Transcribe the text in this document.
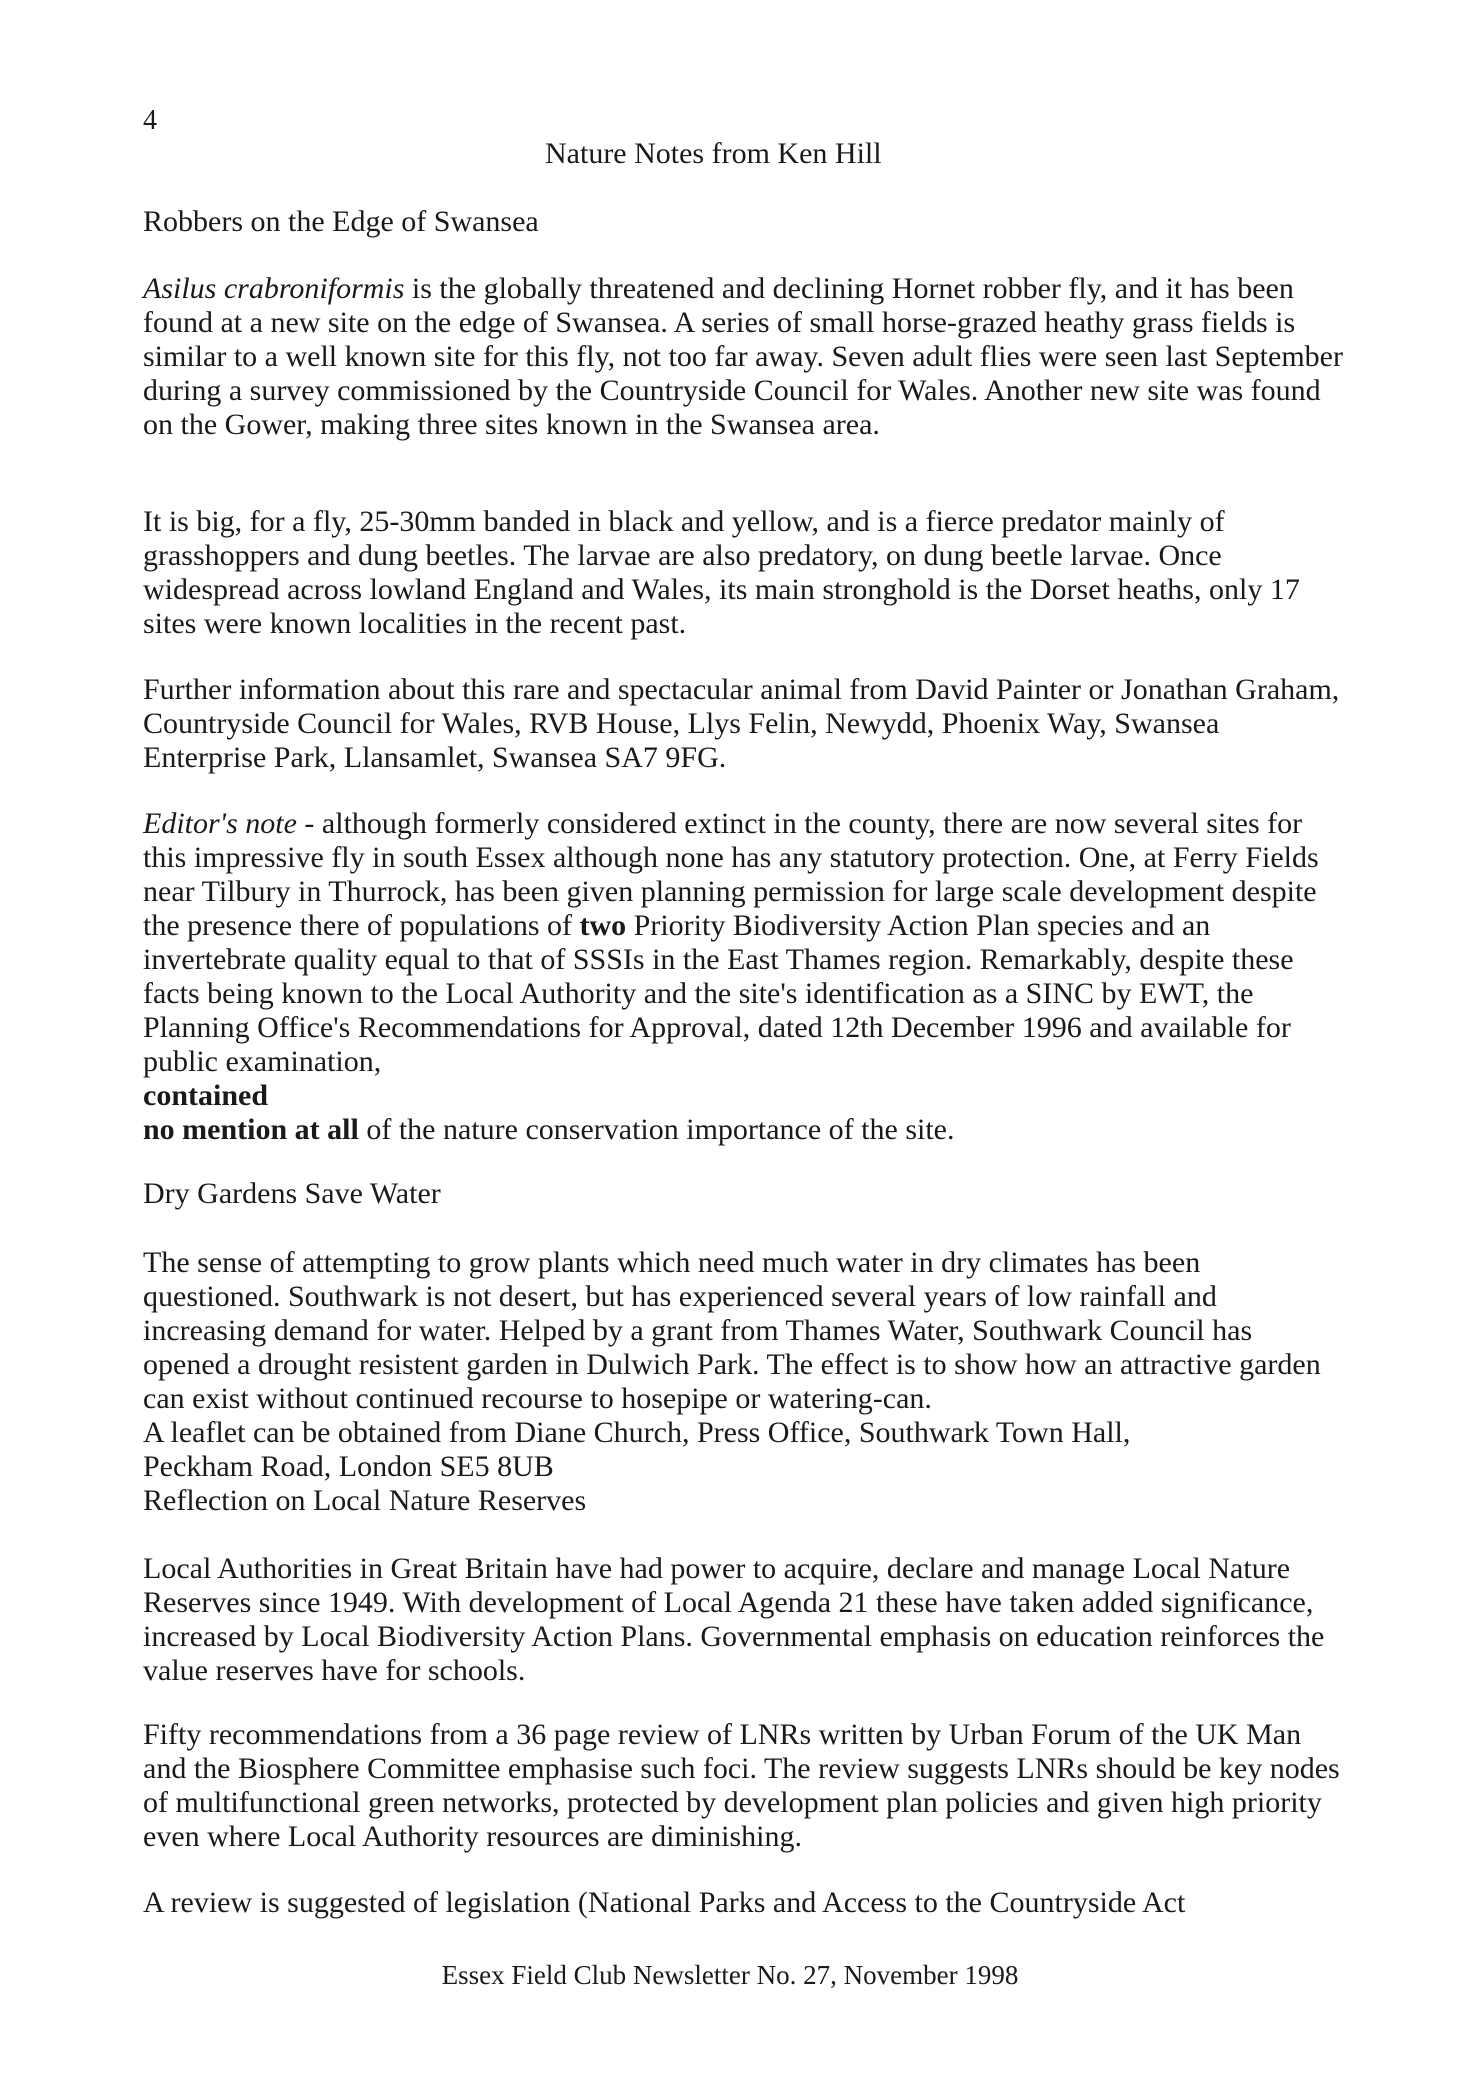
4
Nature Notes from Ken Hill
Robbers on the Edge of Swansea

Asilus crabroniformis is the globally threatened and declining Hornet robber fly, and it has been found at a new site on the edge of Swansea. A series of small horse-grazed heathy grass fields is similar to a well known site for this fly, not too far away. Seven adult flies were seen last September during a survey commissioned by the Countryside Council for Wales. Another new site was found on the Gower, making three sites known in the Swansea area.

It is big, for a fly, 25-30mm banded in black and yellow, and is a fierce predator mainly of grasshoppers and dung beetles. The larvae are also predatory, on dung beetle larvae. Once widespread across lowland England and Wales, its main stronghold is the Dorset heaths, only 17 sites were known localities in the recent past.

Further information about this rare and spectacular animal from David Painter or Jonathan Graham, Countryside Council for Wales, RVB House, Llys Felin, Newydd, Phoenix Way, Swansea Enterprise Park, Llansamlet, Swansea SA7 9FG.

Editor's note - although formerly considered extinct in the county, there are now several sites for this impressive fly in south Essex although none has any statutory protection. One, at Ferry Fields near Tilbury in Thurrock, has been given planning permission for large scale development despite the presence there of populations of two Priority Biodiversity Action Plan species and an invertebrate quality equal to that of SSSIs in the East Thames region. Remarkably, despite these facts being known to the Local Authority and the site's identification as a SINC by EWT, the Planning Office's Recommendations for Approval, dated 12th December 1996 and available for public examination,
contained
no mention at all of the nature conservation importance of the site.

Dry Gardens Save Water

The sense of attempting to grow plants which need much water in dry climates has been questioned. Southwark is not desert, but has experienced several years of low rainfall and increasing demand for water. Helped by a grant from Thames Water, Southwark Council has opened a drought resistent garden in Dulwich Park. The effect is to show how an attractive garden can exist without continued recourse to hosepipe or watering-can.

A leaflet can be obtained from Diane Church, Press Office, Southwark Town Hall,

Peckham Road, London SE5 8UB

Reflection on Local Nature Reserves

Local Authorities in Great Britain have had power to acquire, declare and manage Local Nature Reserves since 1949. With development of Local Agenda 21 these have taken added significance, increased by Local Biodiversity Action Plans. Governmental emphasis on education reinforces the value reserves have for schools.

Fifty recommendations from a 36 page review of LNRs written by Urban Forum of the UK Man and the Biosphere Committee emphasise such foci. The review suggests LNRs should be key nodes of multifunctional green networks, protected by development plan policies and given high priority even where Local Authority resources are diminishing.

A review is suggested of legislation (National Parks and Access to the Countryside Act

Essex Field Club Newsletter No. 27, November 1998
